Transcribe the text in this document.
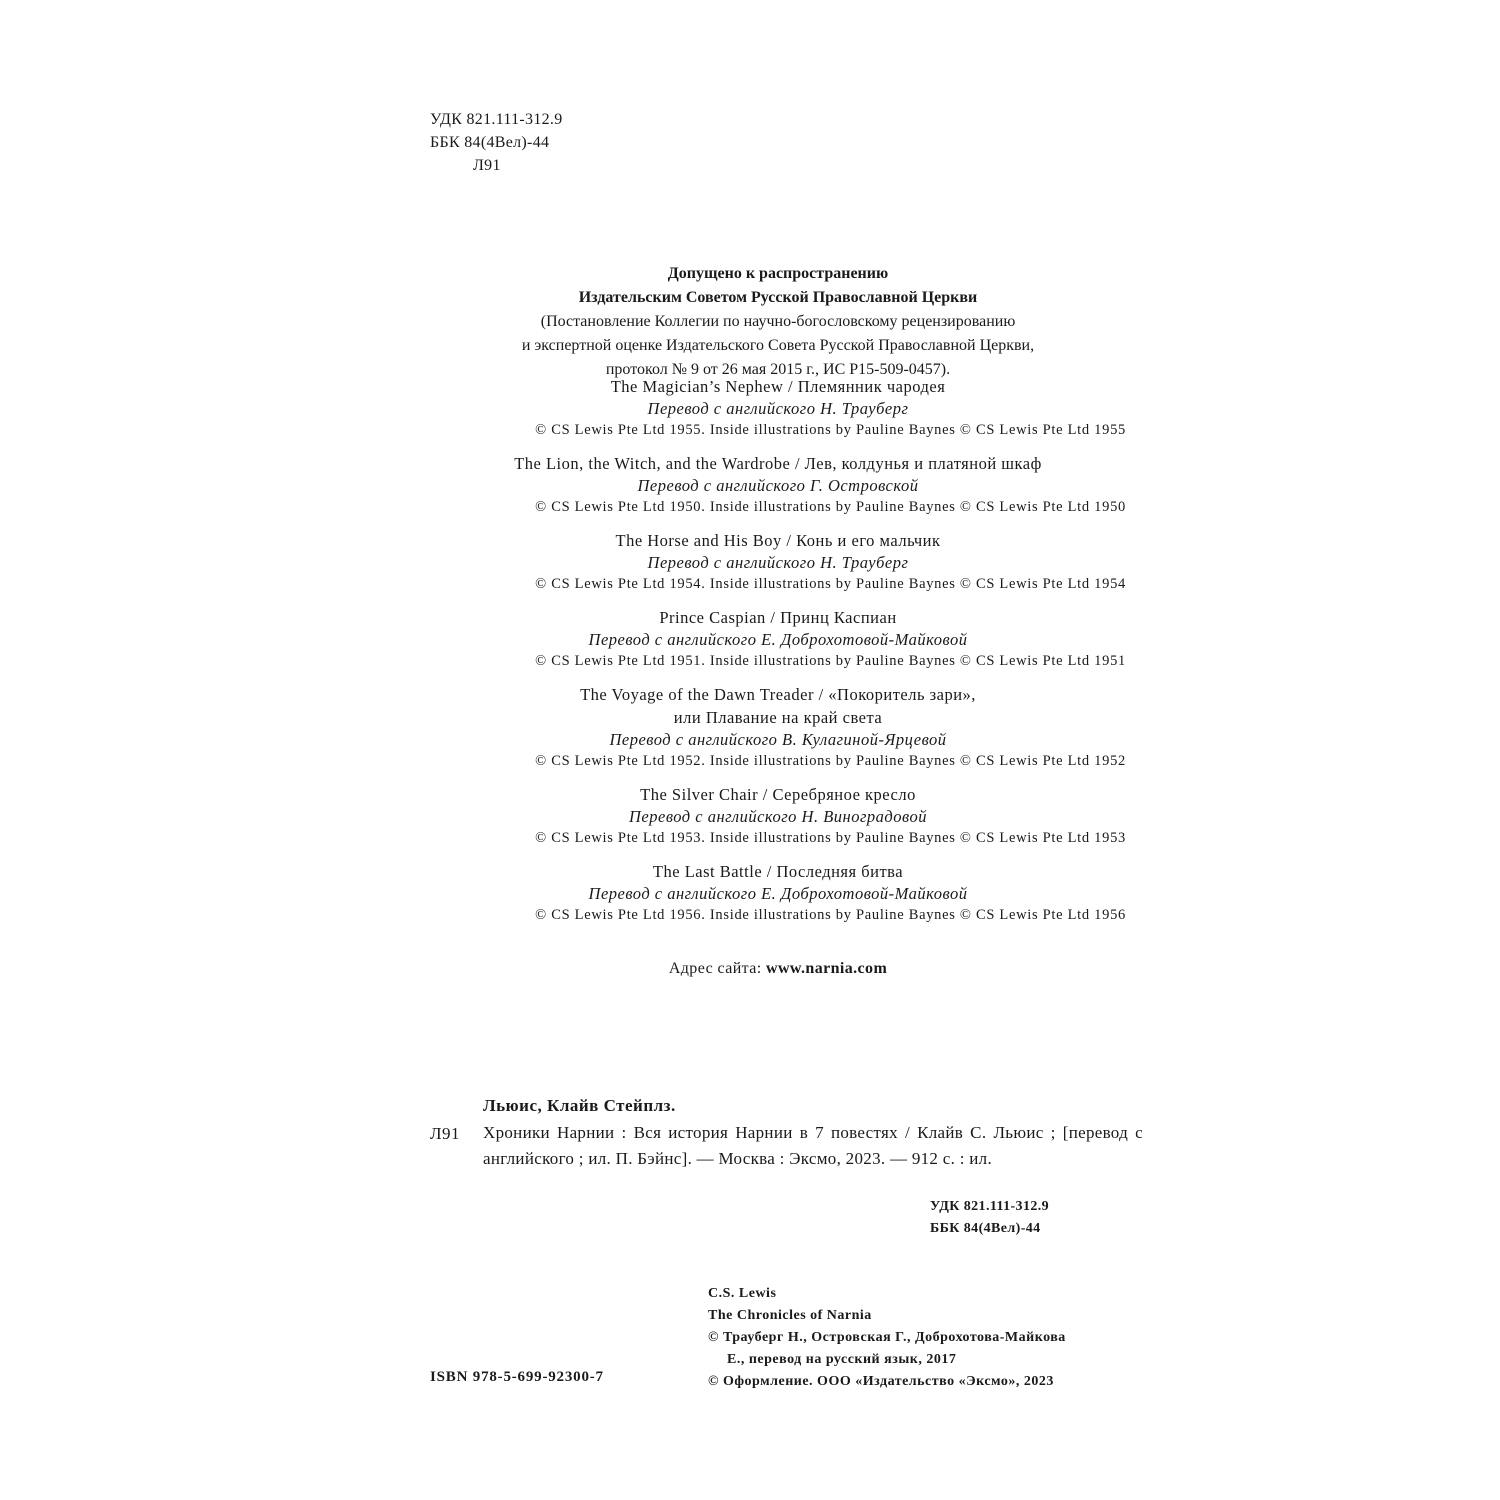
УДК 821.111-312.9
ББК 84(4Вел)-44
Л91
Допущено к распространению
Издательским Советом Русской Православной Церкви
(Постановление Коллегии по научно-богословскому рецензированию
и экспертной оценке Издательского Совета Русской Православной Церкви,
протокол № 9 от 26 мая 2015 г., ИС Р15-509-0457).
The Magician’s Nephew / Племянник чародея
Перевод с английского Н. Трауберг
© CS Lewis Pte Ltd 1955. Inside illustrations by Pauline Baynes © CS Lewis Pte Ltd 1955
The Lion, the Witch, and the Wardrobe / Лев, колдунья и платяной шкаф
Перевод с английского Г. Островской
© CS Lewis Pte Ltd 1950. Inside illustrations by Pauline Baynes © CS Lewis Pte Ltd 1950
The Horse and His Boy / Конь и его мальчик
Перевод с английского Н. Трауберг
© CS Lewis Pte Ltd 1954. Inside illustrations by Pauline Baynes © CS Lewis Pte Ltd 1954
Prince Caspian / Принц Каспиан
Перевод с английского Е. Доброхотовой-Майковой
© CS Lewis Pte Ltd 1951. Inside illustrations by Pauline Baynes © CS Lewis Pte Ltd 1951
The Voyage of the Dawn Treader / «Покоритель зари»,
или Плавание на край света
Перевод с английского В. Кулагиной-Ярцевой
© CS Lewis Pte Ltd 1952. Inside illustrations by Pauline Baynes © CS Lewis Pte Ltd 1952
The Silver Chair / Серебряное кресло
Перевод с английского Н. Виноградовой
© CS Lewis Pte Ltd 1953. Inside illustrations by Pauline Baynes © CS Lewis Pte Ltd 1953
The Last Battle / Последняя битва
Перевод с английского Е. Доброхотовой-Майковой
© CS Lewis Pte Ltd 1956. Inside illustrations by Pauline Baynes © CS Lewis Pte Ltd 1956
Адрес сайта: www.narnia.com
Льюис, Клайв Стейплз.
Л91 Хроники Нарнии : Вся история Нарнии в 7 повестях / Клайв С. Льюис ; [перевод с английского ; ил. П. Бэйнс]. — Москва : Эксмо, 2023. — 912 с. : ил.
УДК 821.111-312.9
ББК 84(4Вел)-44
C.S. Lewis
The Chronicles of Narnia
© Трауберг Н., Островская Г., Доброхотова-Майкова
Е., перевод на русский язык, 2017
© Оформление. ООО «Издательство «Эксмо», 2023
ISBN 978-5-699-92300-7
